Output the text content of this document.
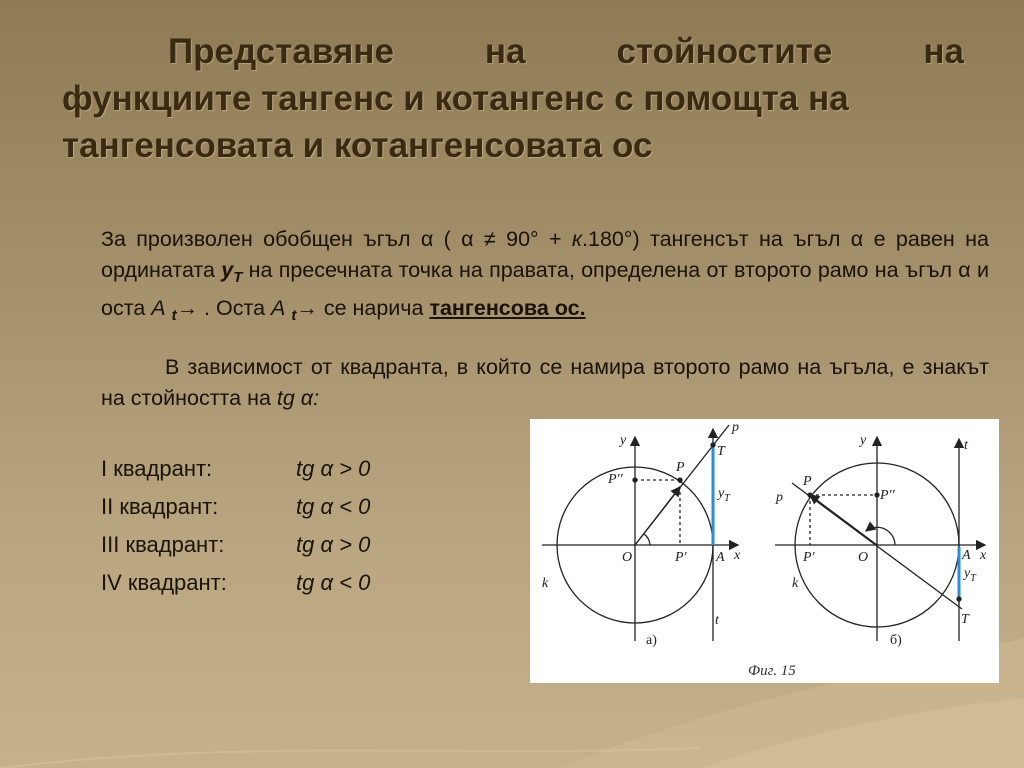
Представяне	на	стойностите	на
функциите тангенс и котангенс с помощта на
тангенсовата и котангенсовата ос
За произволен обобщен ъгъл α ( α ≠ 90° + к.180°) тангенсът на ъгъл α е равен на ординатата $y_T$ на пресечната точка на правата, определена от второто рамо на ъгъл α и оста A $_t$→ . Оста A $_t$→ се нарича тангенсова ос.
В зависимост от квадранта, в който се намира второто рамо на ъгъла, е знакът на стойността на tg α:
I квадрант:	tg α > 0
II квадрант:	tg α < 0
III квадрант:	tg α > 0
IV квадрант:	tg α < 0
y
x
p
T
P
P''
O	P' A
$y_T$
k
t
а)
y
x
t
P
P''
p
P'	O	A
$y_T$
k
T
б)
Фиг. 15
